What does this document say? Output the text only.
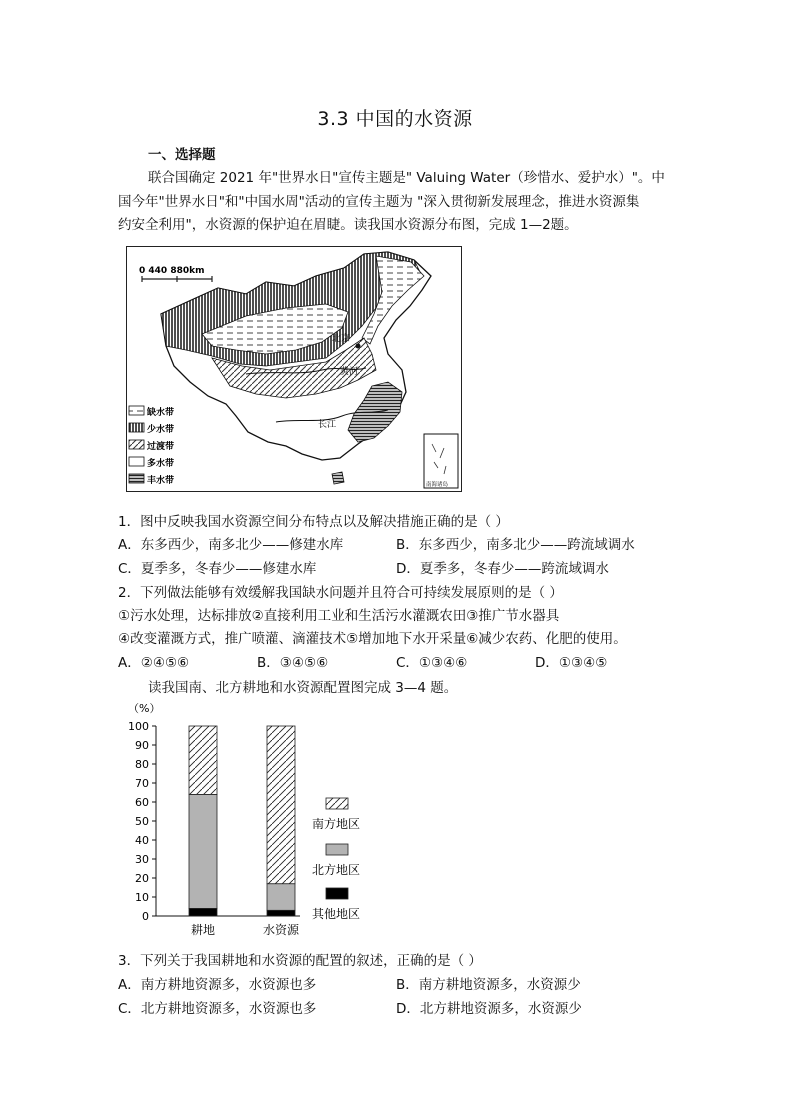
3.3 中国的水资源
一、选择题
联合国确定 2021 年"世界水日"宣传主题是" Valuing Water（珍惜水、爱护水）"。中
国今年"世界水日"和"中国水周"活动的宣传主题为 "深入贯彻新发展理念，推进水资源集
约安全利用"，水资源的保护迫在眉睫。读我国水资源分布图，完成 1—2题。
0 440 880km
北京
黄河
长江
缺水带
少水带
过渡带
多水带
丰水带	南海诸岛
1．图中反映我国水资源空间分布特点以及解决措施正确的是（ ）
A．东多西少，南多北少——修建水库	B．东多西少，南多北少——跨流域调水
C．夏季多，冬春少——修建水库	D．夏季多，冬春少——跨流域调水
2．下列做法能够有效缓解我国缺水问题并且符合可持续发展原则的是（ ）
①污水处理，达标排放②直接利用工业和生活污水灌溉农田③推广节水器具
④改变灌溉方式，推广喷灌、滴灌技术⑤增加地下水开采量⑥减少农药、化肥的使用。
A．②④⑤⑥	B．③④⑤⑥	C．①③④⑥	D．①③④⑤
读我国南、北方耕地和水资源配置图完成 3—4 题。
（%）
0
10
20
30
40
50
60
70
80
90
100
耕地	水资源
南方地区
北方地区
其他地区
3．下列关于我国耕地和水资源的配置的叙述，正确的是（ ）
A．南方耕地资源多，水资源也多	B．南方耕地资源多，水资源少
C．北方耕地资源多，水资源也多	D．北方耕地资源多，水资源少
